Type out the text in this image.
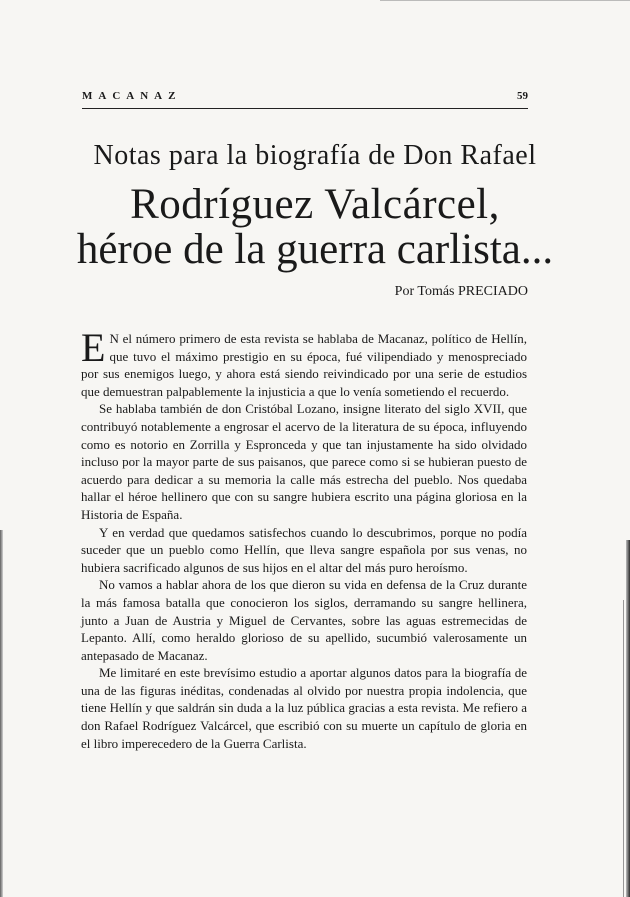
MACANAZ	59
Notas para la biografía de Don Rafael
Rodríguez Valcárcel,
héroe de la guerra carlista...
Por Tomás PRECIADO

E N el número primero de esta revista se hablaba de Macanaz, político de Hellín, que tuvo el máximo prestigio en su época, fué vilipendiado y menospreciado por sus enemigos luego, y ahora está siendo reivindicado por una serie de estudios que demuestran palpablemente la injusticia a que lo venía sometiendo el recuerdo.

Se hablaba también de don Cristóbal Lozano, insigne literato del siglo XVII, que contribuyó notablemente a engrosar el acervo de la literatura de su época, influyendo como es notorio en Zorrilla y Espronceda y que tan injustamente ha sido olvidado incluso por la mayor parte de sus paisanos, que parece como si se hubieran puesto de acuerdo para dedicar a su memoria la calle más estrecha del pueblo. Nos quedaba hallar el héroe hellinero que con su sangre hubiera escrito una página gloriosa en la Historia de España.

Y en verdad que quedamos satisfechos cuando lo descubrimos, porque no podía suceder que un pueblo como Hellín, que lleva sangre española por sus venas, no hubiera sacrificado algunos de sus hijos en el altar del más puro heroísmo.

No vamos a hablar ahora de los que dieron su vida en defensa de la Cruz durante la más famosa batalla que conocieron los siglos, derramando su sangre hellinera, junto a Juan de Austria y Miguel de Cervantes, sobre las aguas estremecidas de Lepanto. Allí, como heraldo glorioso de su apellido, sucumbió valerosamente un antepasado de Macanaz.

Me limitaré en este brevísimo estudio a aportar algunos datos para la biografía de una de las figuras inéditas, condenadas al olvido por nuestra propia indolencia, que tiene Hellín y que saldrán sin duda a la luz pública gracias a esta revista. Me refiero a don Rafael Rodríguez Valcárcel, que escribió con su muerte un capítulo de gloria en el libro imperecedero de la Guerra Carlista.
